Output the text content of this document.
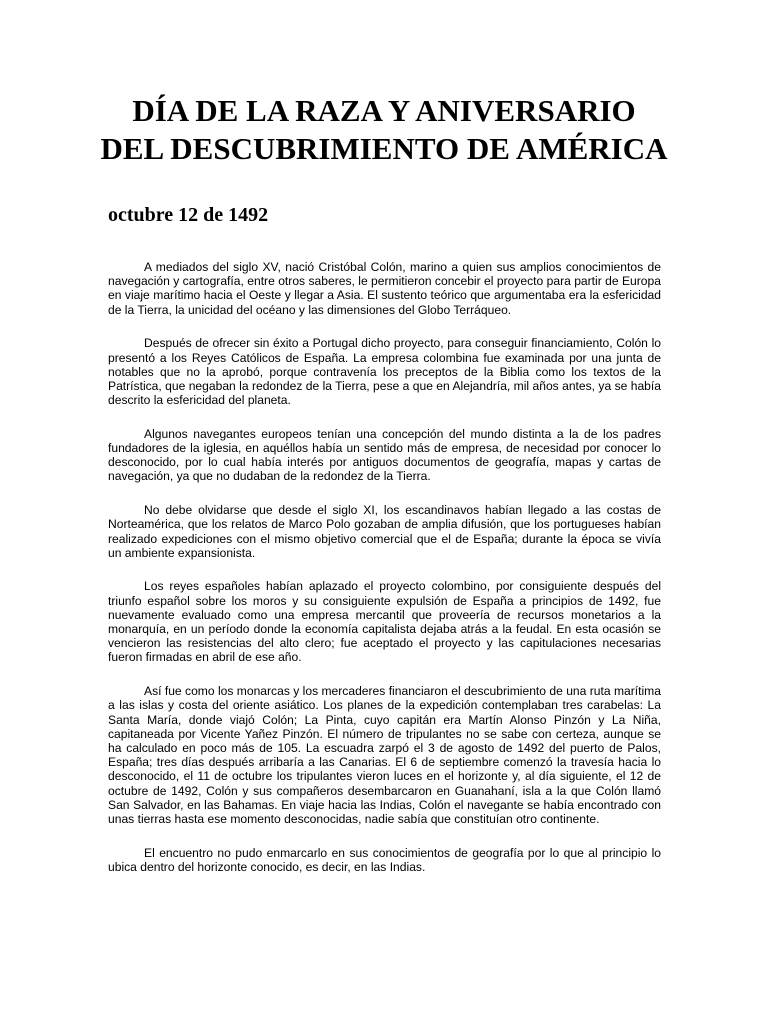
DÍA DE LA RAZA Y ANIVERSARIO
DEL DESCUBRIMIENTO DE AMÉRICA
octubre 12 de 1492

A mediados del siglo XV, nació Cristóbal Colón, marino a quien sus amplios conocimientos de navegación y cartografía, entre otros saberes, le permitieron concebir el proyecto para partir de Europa en viaje marítimo hacia el Oeste y llegar a Asia. El sustento teórico que argumentaba era la esfericidad de la Tierra, la unicidad del océano y las dimensiones del Globo Terráqueo.

Después de ofrecer sin éxito a Portugal dicho proyecto, para conseguir financiamiento, Colón lo presentó a los Reyes Católicos de España. La empresa colombina fue examinada por una junta de notables que no la aprobó, porque contravenía los preceptos de la Biblia como los textos de la Patrística, que negaban la redondez de la Tierra, pese a que en Alejandría, mil años antes, ya se había descrito la esfericidad del planeta.

Algunos navegantes europeos tenían una concepción del mundo distinta a la de los padres fundadores de la iglesia, en aquéllos había un sentido más de empresa, de necesidad por conocer lo desconocido, por lo cual había interés por antiguos documentos de geografía, mapas y cartas de navegación, ya que no dudaban de la redondez de la Tierra.

No debe olvidarse que desde el siglo XI, los escandinavos habían llegado a las costas de Norteamérica, que los relatos de Marco Polo gozaban de amplia difusión, que los portugueses habían realizado expediciones con el mismo objetivo comercial que el de España; durante la época se vivía un ambiente expansionista.

Los reyes españoles habían aplazado el proyecto colombino, por consiguiente después del triunfo español sobre los moros y su consiguiente expulsión de España a principios de 1492, fue nuevamente evaluado como una empresa mercantil que proveería de recursos monetarios a la monarquía, en un período donde la economía capitalista dejaba atrás a la feudal. En esta ocasión se vencieron las resistencias del alto clero; fue aceptado el proyecto y las capitulaciones necesarias fueron firmadas en abril de ese año.

Así fue como los monarcas y los mercaderes financiaron el descubrimiento de una ruta marítima a las islas y costa del oriente asiático. Los planes de la expedición contemplaban tres carabelas: La Santa María, donde viajó Colón; La Pinta, cuyo capitán era Martín Alonso Pinzón y La Niña, capitaneada por Vicente Yañez Pinzón. El número de tripulantes no se sabe con certeza, aunque se ha calculado en poco más de 105. La escuadra zarpó el 3 de agosto de 1492 del puerto de Palos, España; tres días después arribaría a las Canarias. El 6 de septiembre comenzó la travesía hacia lo desconocido, el 11 de octubre los tripulantes vieron luces en el horizonte y, al día siguiente, el 12 de octubre de 1492, Colón y sus compañeros desembarcaron en Guanahaní, isla a la que Colón llamó San Salvador, en las Bahamas. En viaje hacia las Indias, Colón el navegante se había encontrado con unas tierras hasta ese momento desconocidas, nadie sabía que constituían otro continente.

El encuentro no pudo enmarcarlo en sus conocimientos de geografía por lo que al principio lo ubica dentro del horizonte conocido, es decir, en las Indias.
